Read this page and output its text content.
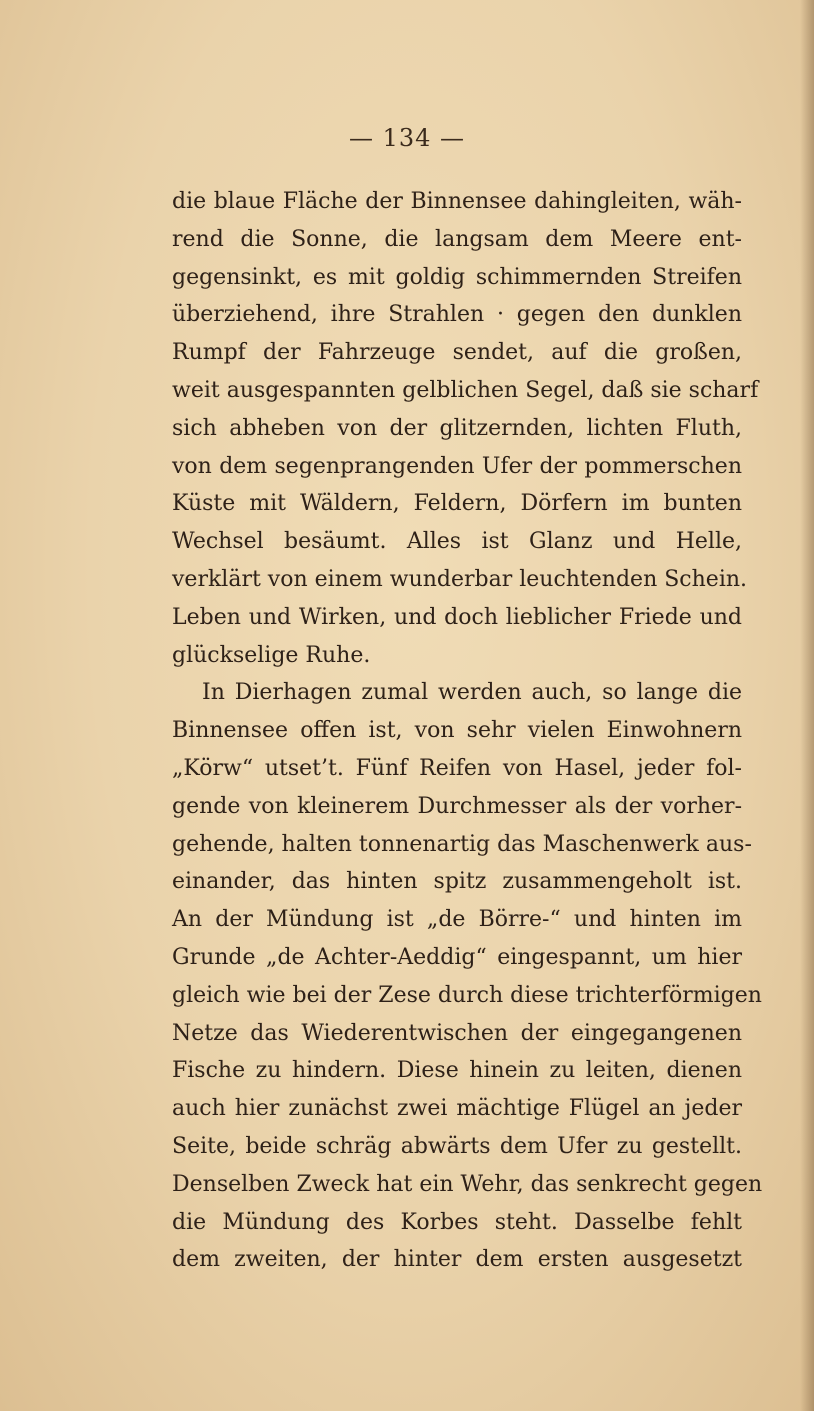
— 134 —
die blaue Fläche der Binnensee dahingleiten, wäh-
rend die Sonne, die langsam dem Meere ent-
gegensinkt, es mit goldig schimmernden Streifen
überziehend, ihre Strahlen · gegen den dunklen
Rumpf der Fahrzeuge sendet, auf die großen,
weit ausgespannten gelblichen Segel, daß sie scharf
sich abheben von der glitzernden, lichten Fluth,
von dem segenprangenden Ufer der pommerschen
Küste mit Wäldern, Feldern, Dörfern im bunten
Wechsel besäumt. Alles ist Glanz und Helle,
verklärt von einem wunderbar leuchtenden Schein.
Leben und Wirken, und doch lieblicher Friede und
glückselige Ruhe.
In Dierhagen zumal werden auch, so lange die
Binnensee offen ist, von sehr vielen Einwohnern
„Körw“ utset’t. Fünf Reifen von Hasel, jeder fol-
gende von kleinerem Durchmesser als der vorher-
gehende, halten tonnenartig das Maschenwerk aus-
einander, das hinten spitz zusammengeholt ist.
An der Mündung ist „de Börre-“ und hinten im
Grunde „de Achter-Aeddig“ eingespannt, um hier
gleich wie bei der Zese durch diese trichterförmigen
Netze das Wiederentwischen der eingegangenen
Fische zu hindern. Diese hinein zu leiten, dienen
auch hier zunächst zwei mächtige Flügel an jeder
Seite, beide schräg abwärts dem Ufer zu gestellt.
Denselben Zweck hat ein Wehr, das senkrecht gegen
die Mündung des Korbes steht. Dasselbe fehlt
dem zweiten, der hinter dem ersten ausgesetzt
